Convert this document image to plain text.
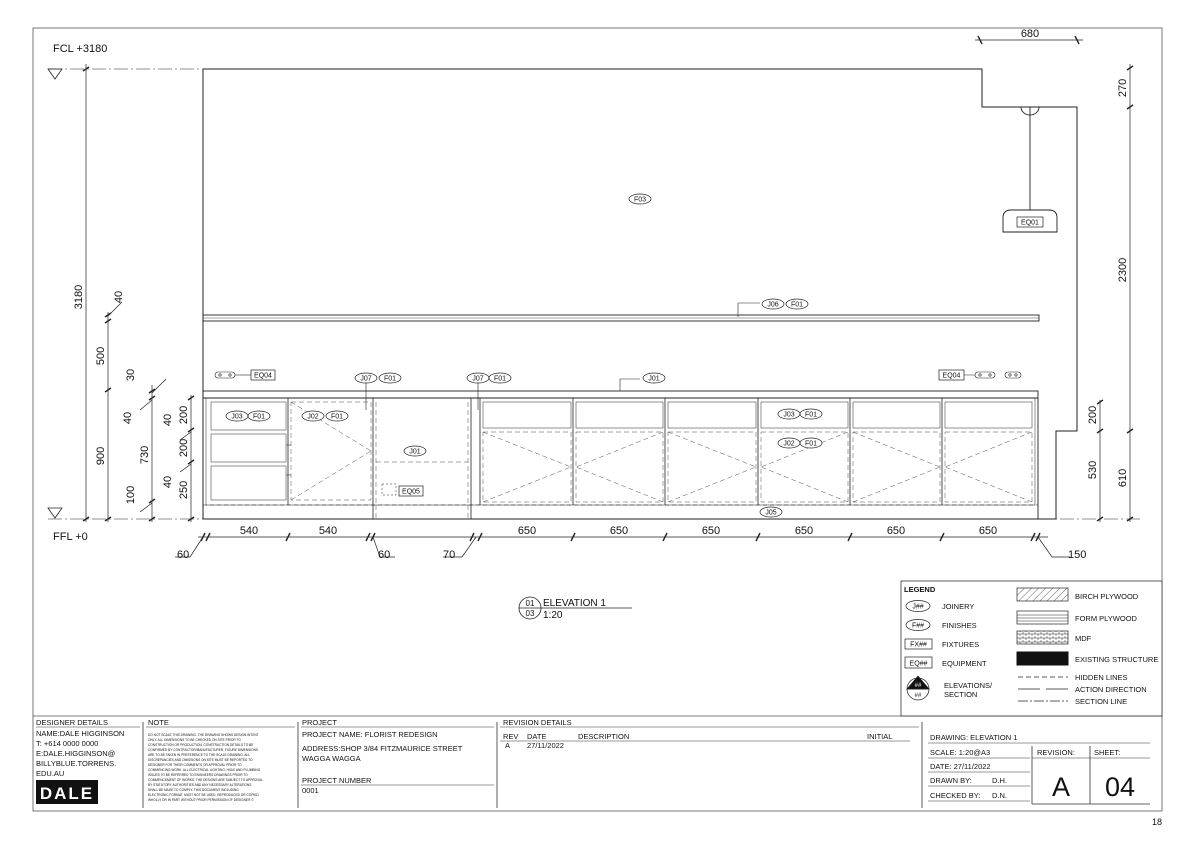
F03
EQ01
J06 F01
EQ04	EQ04
J07 F01	J07 F01	J01
J03 F01	J02 F01	J03 F01
J01
J02 F01
EQ05
J05
FCL +3180
FFL +0
680
270
2300
200
530 610
3180
500
900
40
30
40
730
100
200
40
200
40 250
540	540	650	650	650	650	650	650
60	60	70	150
01
03
ELEVATION 1
1:20
LEGEND
J##
F##
FX##
EQ##
##
##
JOINERY
FINISHES
FIXTURES
EQUIPMENT
ELEVATIONS/
SECTION
BIRCH PLYWOOD
FORM PLYWOOD
MDF
EXISTING STRUCTURE
HIDDEN LINES
ACTION DIRECTION
SECTION LINE
DESIGNER DETAILS
NAME:DALE HIGGINSON
T: +614 0000 0000
E:DALE.HIGGINSON@
BILLYBLUE.TORRENS.
EDU.AU
DALE
NOTE
DO NOT SCALE THIS DRAWING. THE DRAWING SHOWS DESIGN INTENT
ONLY. ALL DIMENSIONS TO BE CHECKED ON SITE PRIOR TO
CONSTRUCTION OR PRODUCTION. CONSTRUCTION DETAILS TO BE
CONFIRMED BY CONTRACTOR/MANUFACTURER. FIGURE DIMENSIONS
ARE TO BE TAKEN IN PREFERENCE TO THE SCALE DRAWING. ALL
DISCREPANCIES AND OMISSIONS ON SITE MUST BE REPORTED TO
DESIGNER FOR THEIR COMMENTS OR APPROVAL PRIOR TO
COMMENCING WORK. ALL ELECTRICAL LIGHTING, HVAC AND PLUMBING
ISSUES TO BE REFERRED TO ENGINEERS DRAWINGS PRIOR TO
COMMENCEMENT OF WORKS. THE DESIGNS ARE SUBJECT TO APPROVAL
BY STATUTORY AUTHORITIES AND ANY NECESSARY ALTERATIONS
SHALL BE MADE TO COMPLY. THIS DOCUMENT INCLUDING
ELECTRONIC FORMAT, MUST NOT BE USED, REPRODUCED OR COPIED
WHOLLY OR IN PART WITHOUT PRIOR PERMISSION OF DESIGNER ©
PROJECT
PROJECT NAME: FLORIST REDESIGN
ADDRESS:SHOP 3/84 FITZMAURICE STREET
WAGGA WAGGA
PROJECT NUMBER
0001
REVISION DETAILS
REV DATE	DESCRIPTION	INITIAL
A 27/11/2022
DRAWING: ELEVATION 1
SCALE: 1:20@A3
DATE: 27/11/2022
DRAWN BY:	D.H.
CHECKED BY: D.N.
REVISION:	SHEET:
A 04
18
